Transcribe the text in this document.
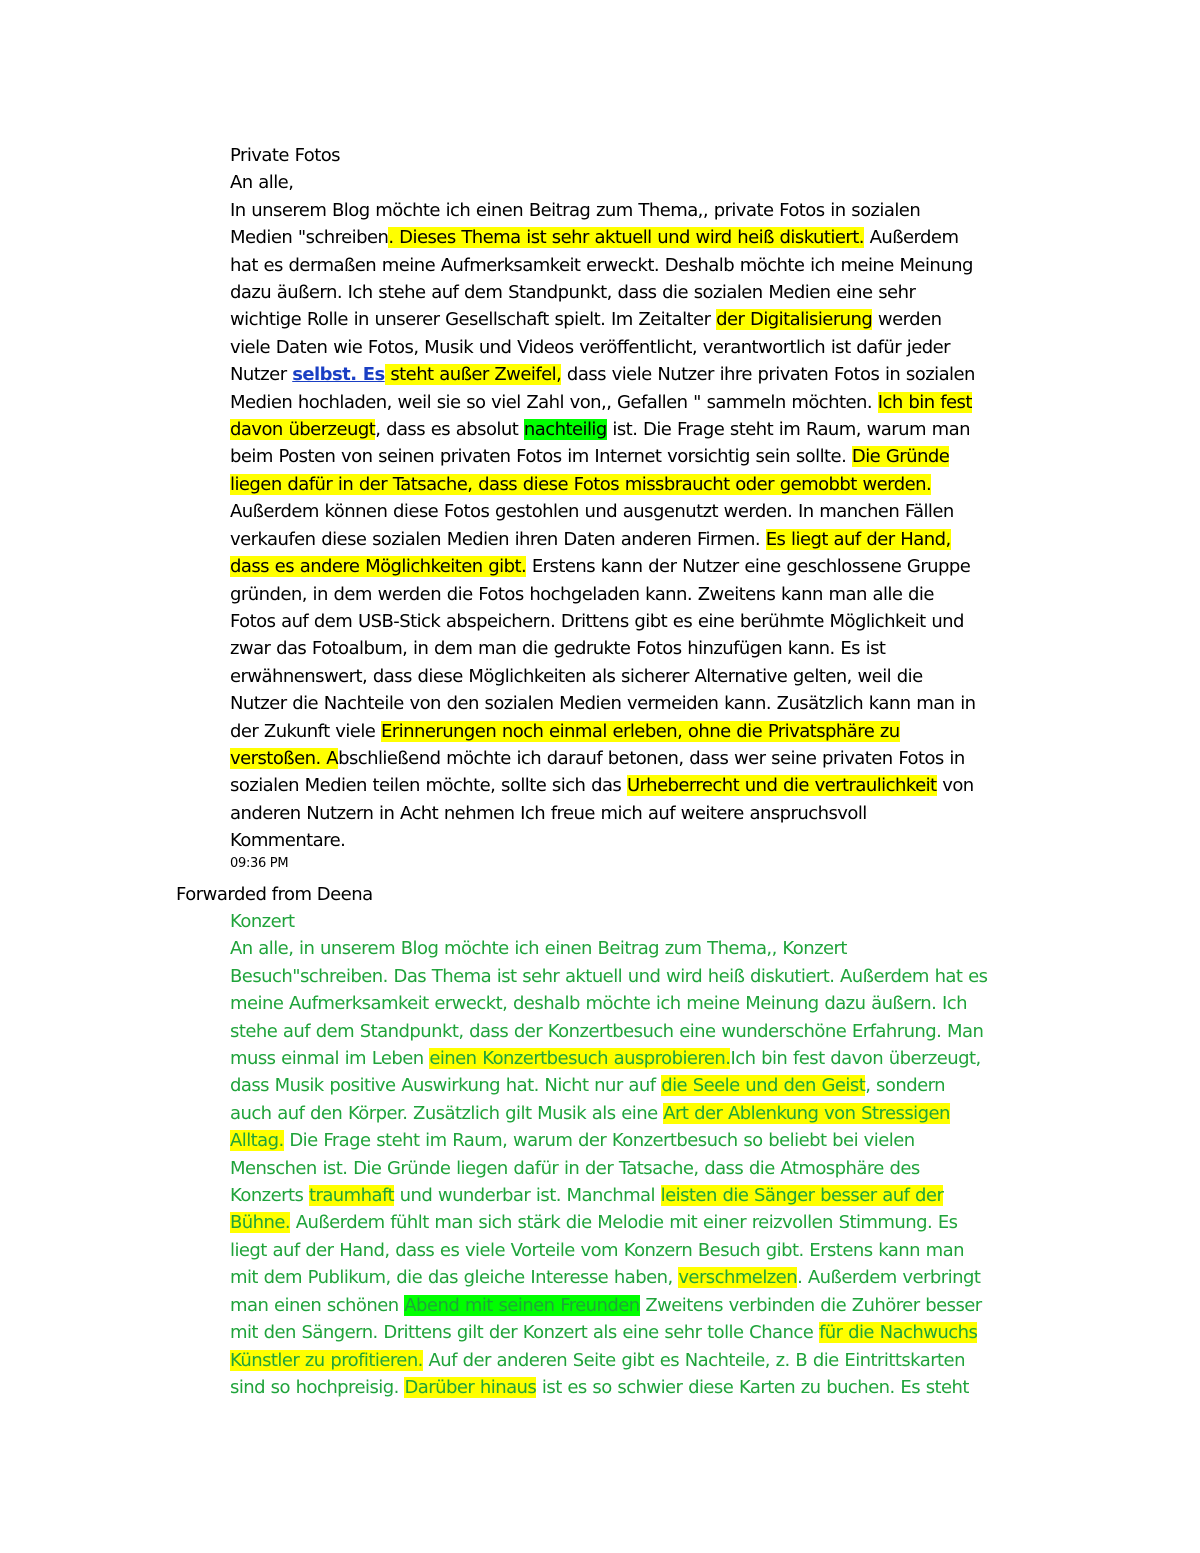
Private Fotos
An alle,
In unserem Blog möchte ich einen Beitrag zum Thema,, private Fotos in sozialen
Medien "schreiben. Dieses Thema ist sehr aktuell und wird heiß diskutiert. Außerdem
hat es dermaßen meine Aufmerksamkeit erweckt. Deshalb möchte ich meine Meinung
dazu äußern. Ich stehe auf dem Standpunkt, dass die sozialen Medien eine sehr
wichtige Rolle in unserer Gesellschaft spielt. Im Zeitalter der Digitalisierung werden
viele Daten wie Fotos, Musik und Videos veröffentlicht, verantwortlich ist dafür jeder
Nutzer selbst. Es steht außer Zweifel, dass viele Nutzer ihre privaten Fotos in sozialen
Medien hochladen, weil sie so viel Zahl von,, Gefallen " sammeln möchten. Ich bin fest
davon überzeugt, dass es absolut nachteilig ist. Die Frage steht im Raum, warum man
beim Posten von seinen privaten Fotos im Internet vorsichtig sein sollte. Die Gründe
liegen dafür in der Tatsache, dass diese Fotos missbraucht oder gemobbt werden.
Außerdem können diese Fotos gestohlen und ausgenutzt werden. In manchen Fällen
verkaufen diese sozialen Medien ihren Daten anderen Firmen. Es liegt auf der Hand,
dass es andere Möglichkeiten gibt. Erstens kann der Nutzer eine geschlossene Gruppe
gründen, in dem werden die Fotos hochgeladen kann. Zweitens kann man alle die
Fotos auf dem USB-Stick abspeichern. Drittens gibt es eine berühmte Möglichkeit und
zwar das Fotoalbum, in dem man die gedrukte Fotos hinzufügen kann. Es ist
erwähnenswert, dass diese Möglichkeiten als sicherer Alternative gelten, weil die
Nutzer die Nachteile von den sozialen Medien vermeiden kann. Zusätzlich kann man in
der Zukunft viele Erinnerungen noch einmal erleben, ohne die Privatsphäre zu
verstoßen. Abschließend möchte ich darauf betonen, dass wer seine privaten Fotos in
sozialen Medien teilen möchte, sollte sich das Urheberrecht und die vertraulichkeit von
anderen Nutzern in Acht nehmen Ich freue mich auf weitere anspruchsvoll
Kommentare.
09:36 PM
Forwarded from Deena
Konzert
An alle, in unserem Blog möchte ich einen Beitrag zum Thema,, Konzert
Besuch"schreiben. Das Thema ist sehr aktuell und wird heiß diskutiert. Außerdem hat es
meine Aufmerksamkeit erweckt, deshalb möchte ich meine Meinung dazu äußern. Ich
stehe auf dem Standpunkt, dass der Konzertbesuch eine wunderschöne Erfahrung. Man
muss einmal im Leben einen Konzertbesuch ausprobieren.Ich bin fest davon überzeugt,
dass Musik positive Auswirkung hat. Nicht nur auf die Seele und den Geist, sondern
auch auf den Körper. Zusätzlich gilt Musik als eine Art der Ablenkung von Stressigen
Alltag. Die Frage steht im Raum, warum der Konzertbesuch so beliebt bei vielen
Menschen ist. Die Gründe liegen dafür in der Tatsache, dass die Atmosphäre des
Konzerts traumhaft und wunderbar ist. Manchmal leisten die Sänger besser auf der
Bühne. Außerdem fühlt man sich stärk die Melodie mit einer reizvollen Stimmung. Es
liegt auf der Hand, dass es viele Vorteile vom Konzern Besuch gibt. Erstens kann man
mit dem Publikum, die das gleiche Interesse haben, verschmelzen. Außerdem verbringt
man einen schönen Abend mit seinen Freunden Zweitens verbinden die Zuhörer besser
mit den Sängern. Drittens gilt der Konzert als eine sehr tolle Chance für die Nachwuchs
Künstler zu profitieren. Auf der anderen Seite gibt es Nachteile, z. B die Eintrittskarten
sind so hochpreisig. Darüber hinaus ist es so schwier diese Karten zu buchen. Es steht
